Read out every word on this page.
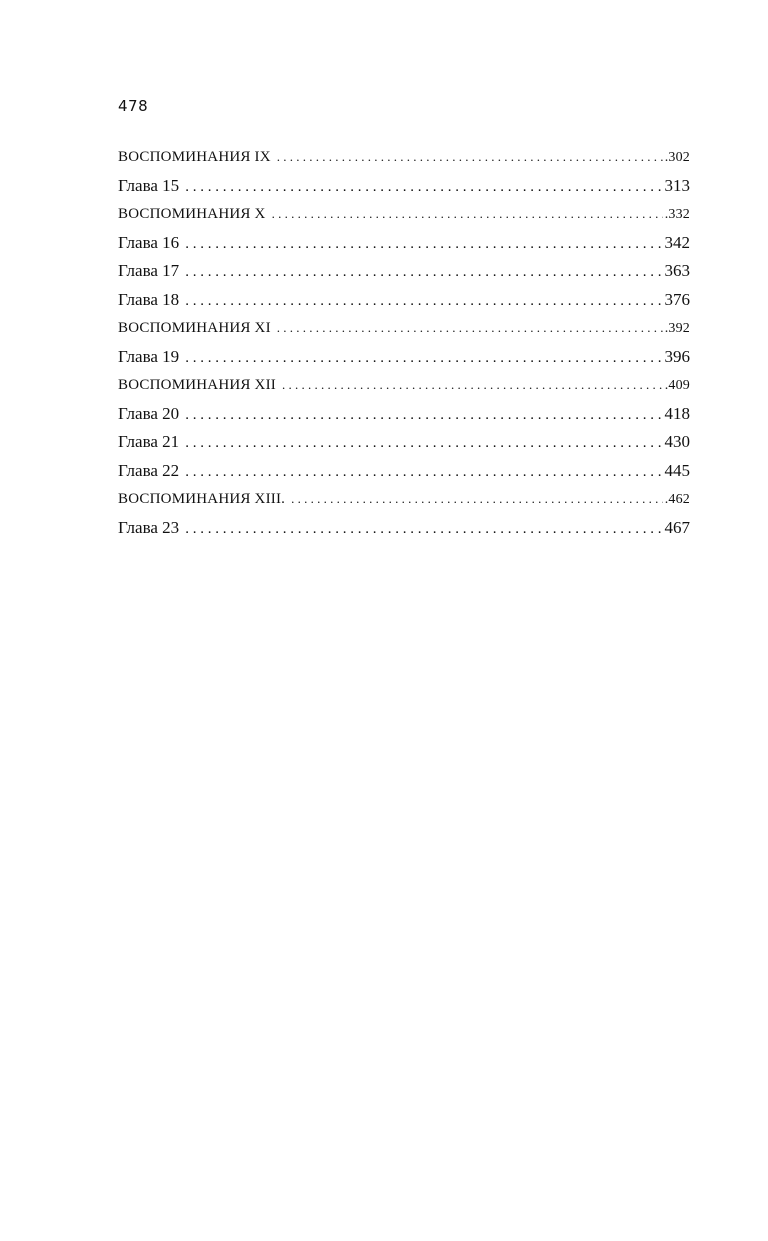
478
ВОСПОМИНАНИЯ IX . . .	.302
Глава 15 . . .	313
ВОСПОМИНАНИЯ X . . .	.332
Глава 16 . . .	342
Глава 17 . . .	363
Глава 18 . . .	376
ВОСПОМИНАНИЯ XI . . .	.392
Глава 19 . . .	396
ВОСПОМИНАНИЯ XII . . .	.409
Глава 20 . . .	418
Глава 21 . . .	430
Глава 22 . . .	445
ВОСПОМИНАНИЯ XIII. . . .	.462
Глава 23 . . .	467
